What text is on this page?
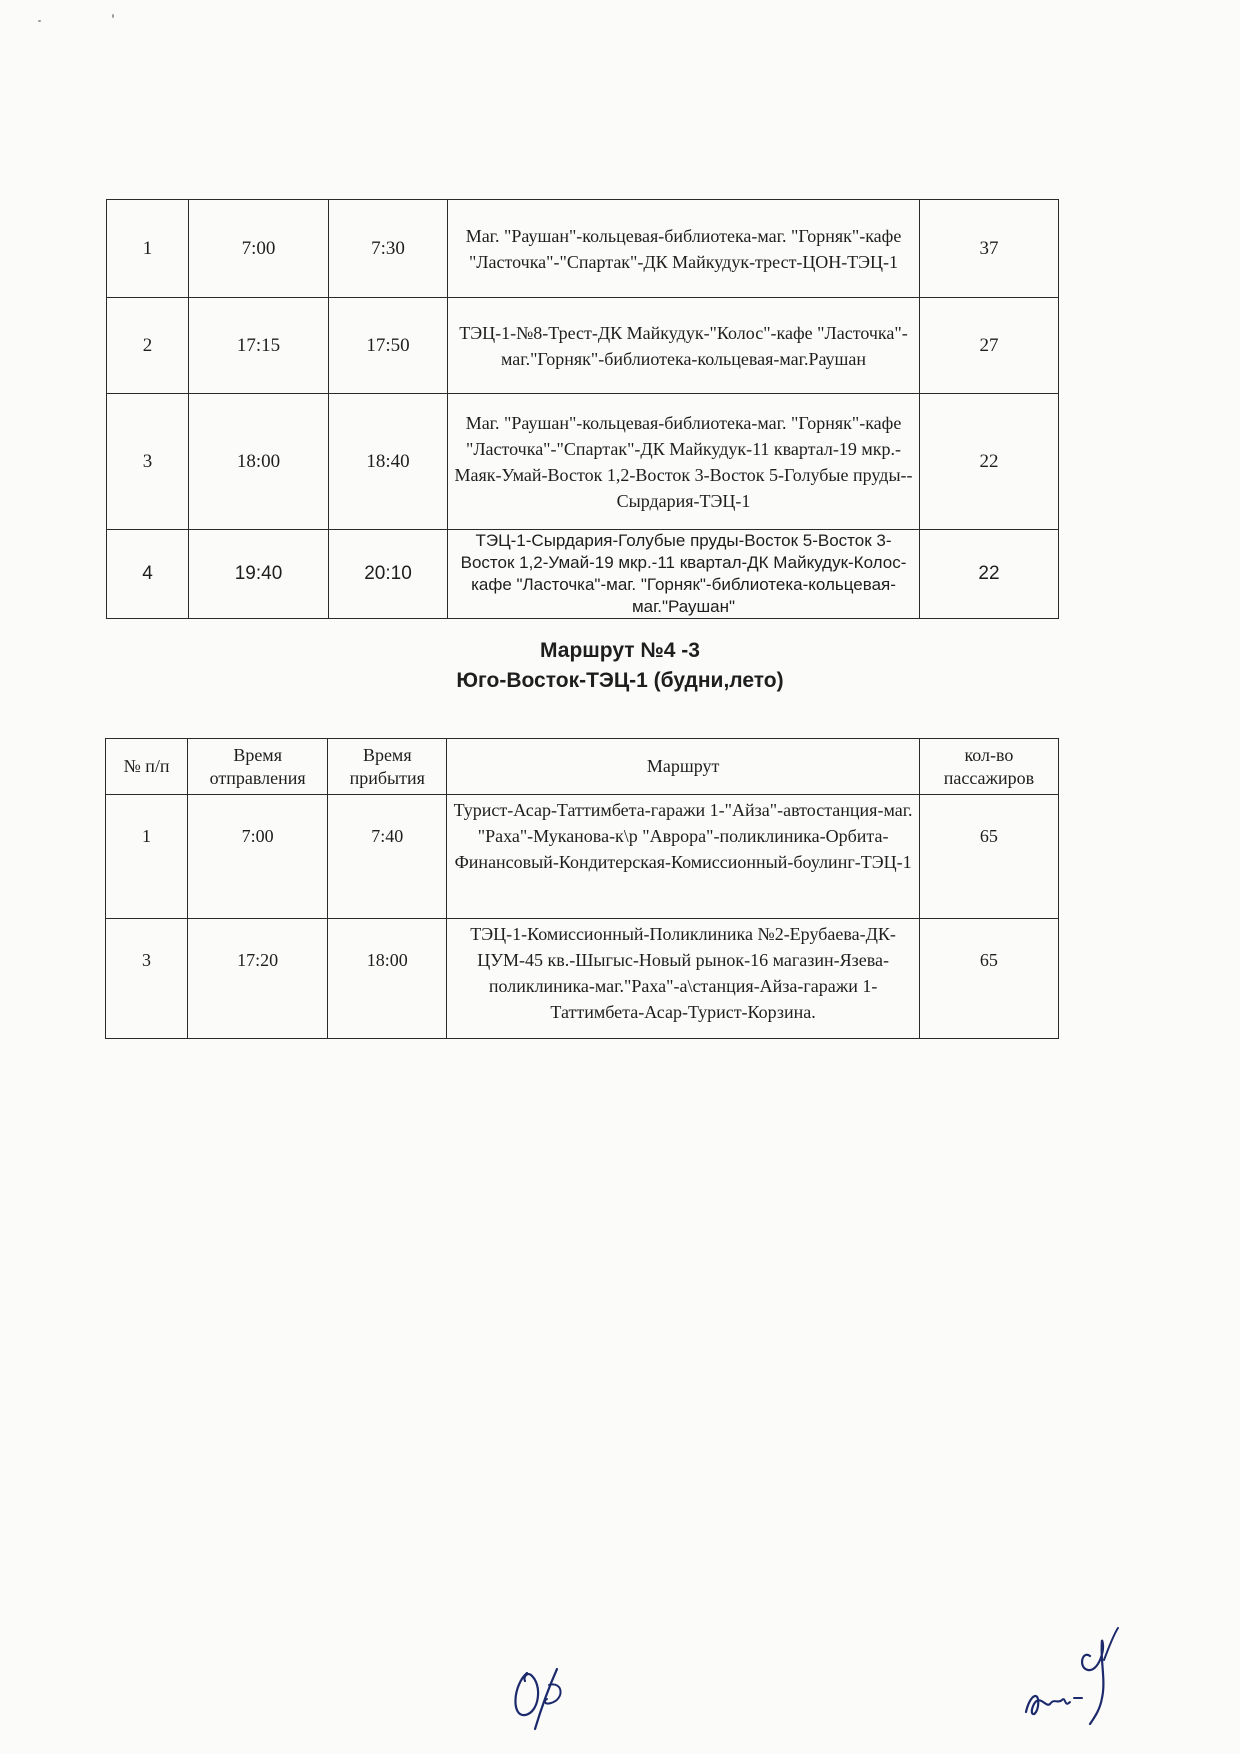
1	7:00	7:30	Маг. "Раушан"-кольцевая-библиотека-маг. "Горняк"-кафе "Ласточка"-"Спартак"-ДК Майкудук-трест-ЦОН-ТЭЦ-1	37
2	17:15	17:50	ТЭЦ-1-№8-Трест-ДК Майкудук-"Колос"-кафе "Ласточка"-маг."Горняк"-библиотека-кольцевая-маг.Раушан	27
3	18:00	18:40	Маг. "Раушан"-кольцевая-библиотека-маг. "Горняк"-кафе "Ласточка"-"Спартак"-ДК Майкудук-11 квартал-19 мкр.-Маяк-Умай-Восток 1,2-Восток 3-Восток 5-Голубые пруды--Сырдария-ТЭЦ-1	22
4	19:40	20:10	ТЭЦ-1-Сырдария-Голубые пруды-Восток 5-Восток 3-Восток 1,2-Умай-19 мкр.-11 квартал-ДК Майкудук-Колос-кафе "Ласточка"-маг. "Горняк"-библиотека-кольцевая-маг."Раушан"	22
Маршрут №4 -3
Юго-Восток-ТЭЦ-1 (будни,лето)
№ п/п	Время отправления	Время прибытия	Маршрут	кол-во пассажиров
1	7:00	7:40	Турист-Асар-Таттимбета-гаражи 1-"Айза"-автостанция-маг. "Раха"-Муканова-к\р "Аврора"-поликлиника-Орбита-Финансовый-Кондитерская-Комиссионный-боулинг-ТЭЦ-1	65
3	17:20	18:00	ТЭЦ-1-Комиссионный-Поликлиника №2-Ерубаева-ДК-ЦУМ-45 кв.-Шыгыс-Новый рынок-16 магазин-Язева-поликлиника-маг."Раха"-а\станция-Айза-гаражи 1-Таттимбета-Асар-Турист-Корзина.	65
